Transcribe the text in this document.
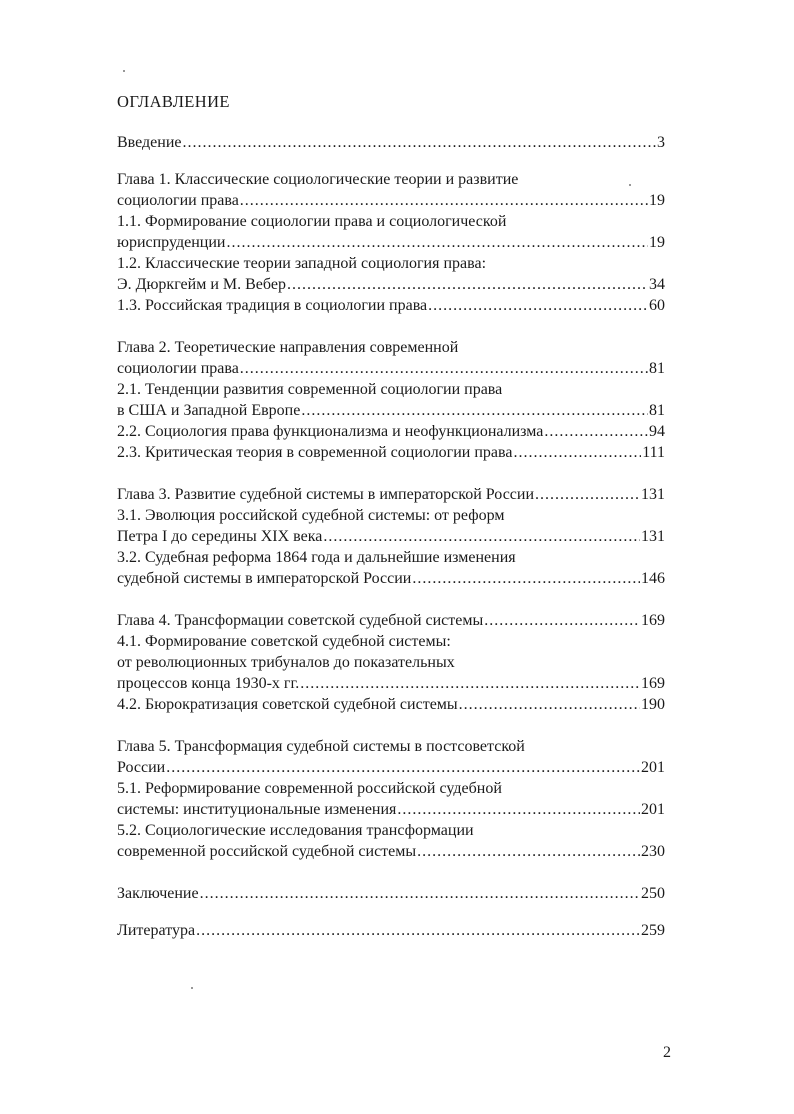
ОГЛАВЛЕНИЕ
Введение .....	3
Глава 1. Классические социологические теории и развитие
социологии права .....	19
1.1. Формирование социологии права и социологической
юриспруденции .....	19
1.2. Классические теории западной социология права:
Э. Дюркгейм и М. Вебер .....	34
1.3. Российская традиция в социологии права .....	60
Глава 2. Теоретические направления современной
социологии права .....	81
2.1. Тенденции развития современной социологии права
в США и Западной Европе .....	81
2.2. Социология права функционализма и неофункционализма .....	94
2.3. Критическая теория в современной социологии права .....	111
Глава 3. Развитие судебной системы в императорской России .....	131
3.1. Эволюция российской судебной системы: от реформ
Петра I до середины XIX века .....	131
3.2. Судебная реформа 1864 года и дальнейшие изменения
судебной системы в императорской России .....	146
Глава 4. Трансформации советской судебной системы .....	169
4.1. Формирование советской судебной системы:
от революционных трибуналов до показательных
процессов конца 1930-х гг. .....	169
4.2. Бюрократизация советской судебной системы .....	190
Глава 5. Трансформация судебной системы в постсоветской
России .....	201
5.1. Реформирование современной российской судебной
системы: институциональные изменения .....	201
5.2. Социологические исследования трансформации
современной российской судебной системы .....	230
Заключение .....	250
Литература .....	259
2
